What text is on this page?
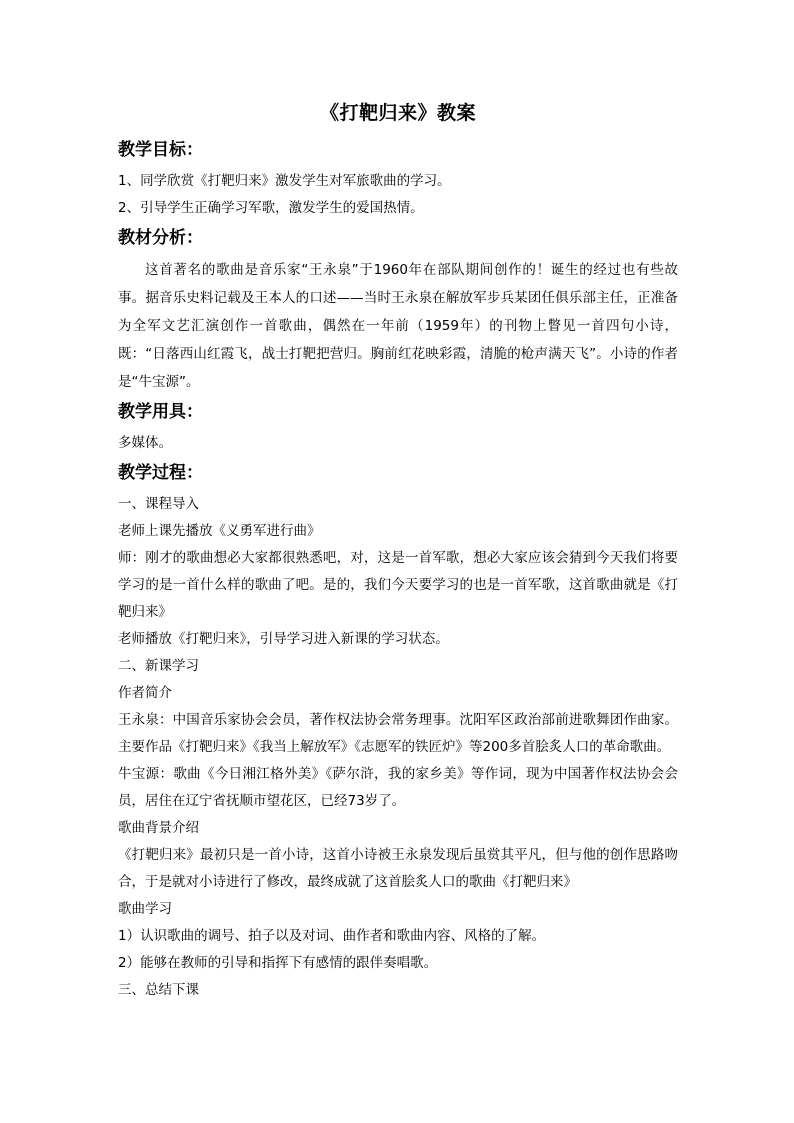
《打靶归来》教案
教学目标：

1、同学欣赏《打靶归来》激发学生对军旅歌曲的学习。

2、引导学生正确学习军歌，激发学生的爱国热情。

教材分析：

这首著名的歌曲是音乐家“王永泉”于1960年在部队期间创作的！诞生的经过也有些故事。据音乐史料记载及王本人的口述——当时王永泉在解放军步兵某团任俱乐部主任，正准备为全军文艺汇演创作一首歌曲，偶然在一年前（1959年）的刊物上瞥见一首四句小诗，既：“日落西山红霞飞，战士打靶把营归。胸前红花映彩霞，清脆的枪声满天飞”。小诗的作者是“牛宝源”。

教学用具：

多媒体。

教学过程：

一、课程导入

老师上课先播放《义勇军进行曲》

师：刚才的歌曲想必大家都很熟悉吧，对，这是一首军歌，想必大家应该会猜到今天我们将要学习的是一首什么样的歌曲了吧。是的，我们今天要学习的也是一首军歌，这首歌曲就是《打靶归来》

老师播放《打靶归来》，引导学习进入新课的学习状态。

二、新课学习

作者简介

王永泉：中国音乐家协会会员，著作权法协会常务理事。沈阳军区政治部前进歌舞团作曲家。主要作品《打靶归来》《我当上解放军》《志愿军的铁匠炉》等200多首脍炙人口的革命歌曲。

牛宝源：歌曲《今日湘江格外美》《萨尔浒，我的家乡美》等作词，现为中国著作权法协会会员，居住在辽宁省抚顺市望花区，已经73岁了。

歌曲背景介绍

《打靶归来》最初只是一首小诗，这首小诗被王永泉发现后虽赏其平凡，但与他的创作思路吻合，于是就对小诗进行了修改，最终成就了这首脍炙人口的歌曲《打靶归来》

歌曲学习

1）认识歌曲的调号、拍子以及对词、曲作者和歌曲内容、风格的了解。

2）能够在教师的引导和指挥下有感情的跟伴奏唱歌。

三、总结下课
